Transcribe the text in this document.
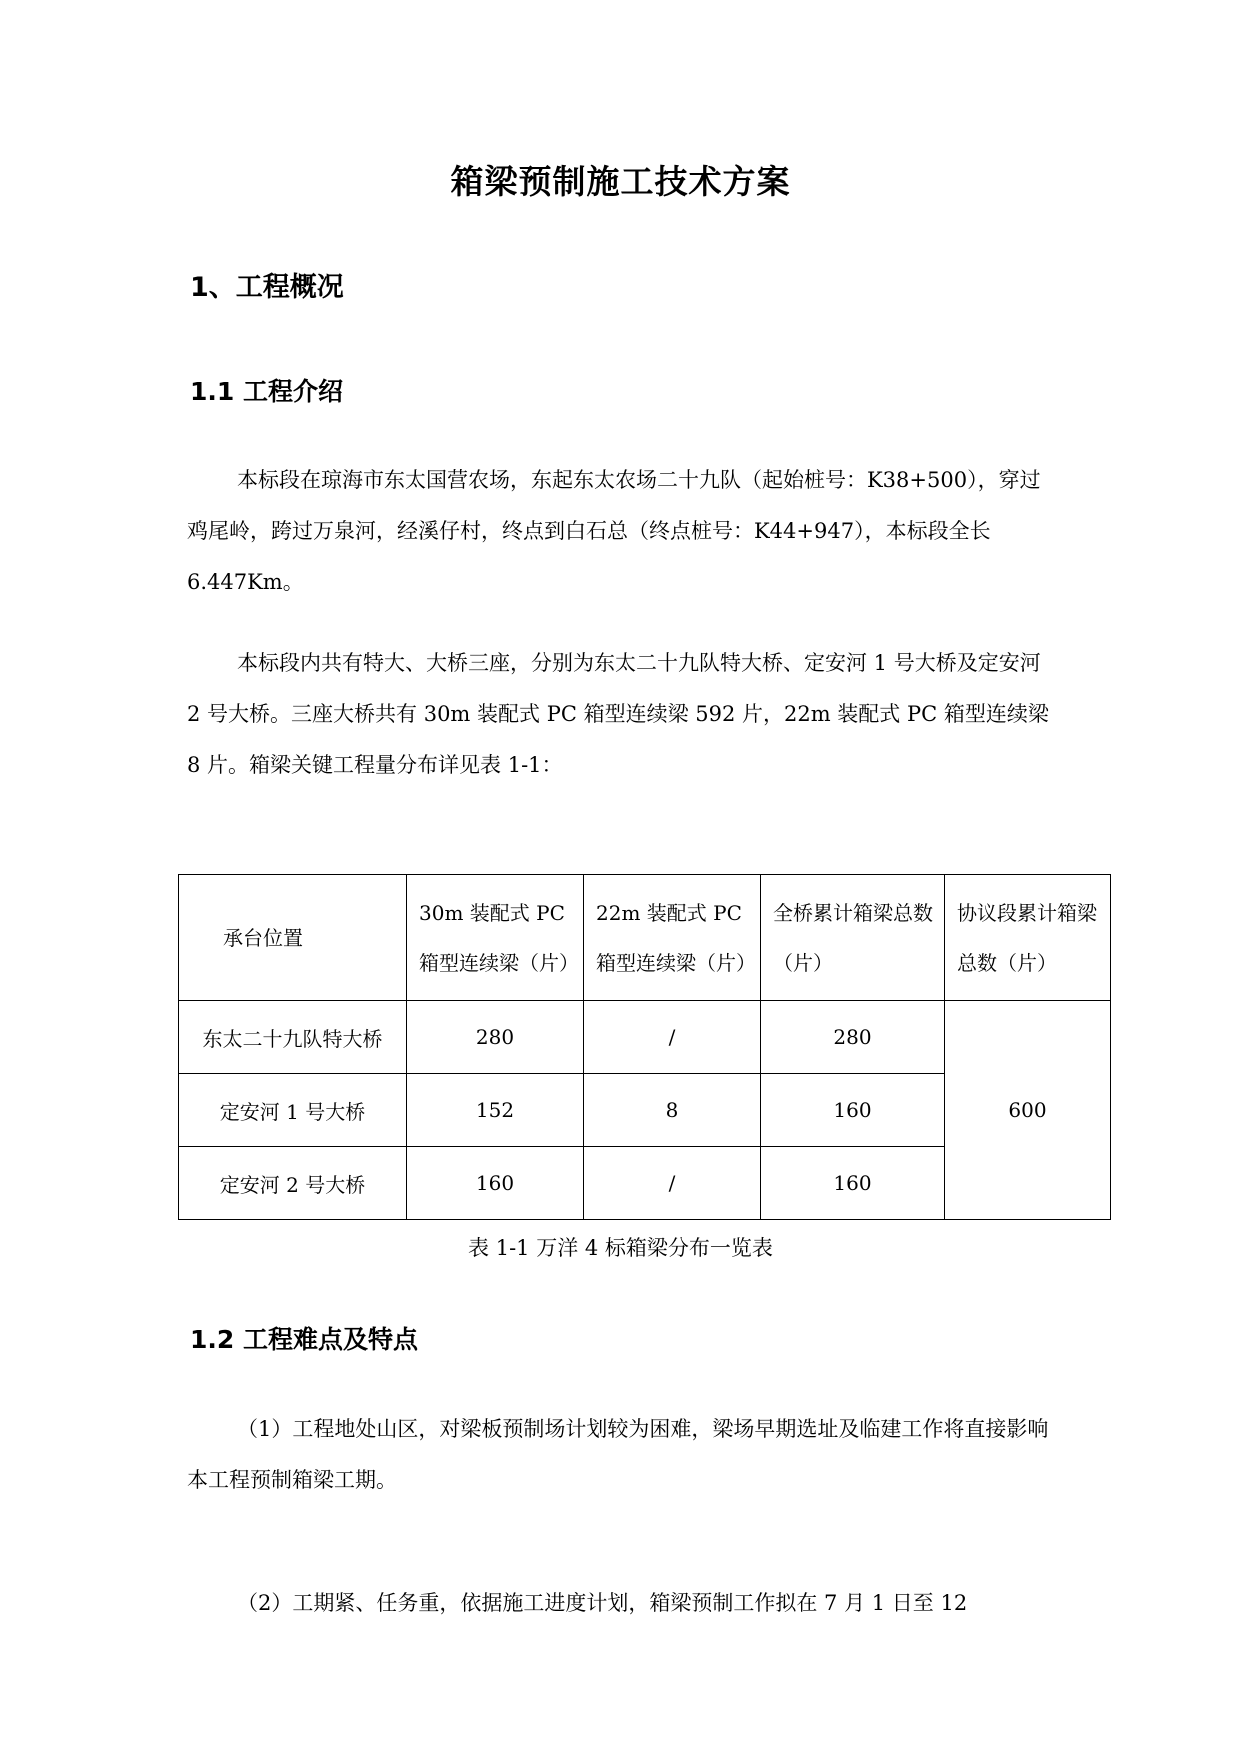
箱梁预制施工技术方案
1、工程概况
1.1 工程介绍

本标段在琼海市东太国营农场，东起东太农场二十九队（起始桩号：K38+500），穿过鸡尾岭，跨过万泉河，经溪仔村，终点到白石总（终点桩号：K44+947），本标段全长 6.447Km。

本标段内共有特大、大桥三座，分别为东太二十九队特大桥、定安河 1 号大桥及定安河 2 号大桥。三座大桥共有 30m 装配式 PC 箱型连续梁 592 片，22m 装配式 PC 箱型连续梁 8 片。箱梁关键工程量分布详见表 1-1：

承台位置	30m 装配式 PC 箱型连续梁（片）	22m 装配式 PC 箱型连续梁（片）	全桥累计箱梁总数（片）	协议段累计箱梁总数（片）
东太二十九队特大桥	280	/	280	600
定安河 1 号大桥	152	8	160	
定安河 2 号大桥	160	/	160	
表 1-1 万洋 4 标箱梁分布一览表
1.2 工程难点及特点

（1）工程地处山区，对梁板预制场计划较为困难，梁场早期选址及临建工作将直接影响本工程预制箱梁工期。

（2）工期紧、任务重，依据施工进度计划，箱梁预制工作拟在 7 月 1 日至 12
